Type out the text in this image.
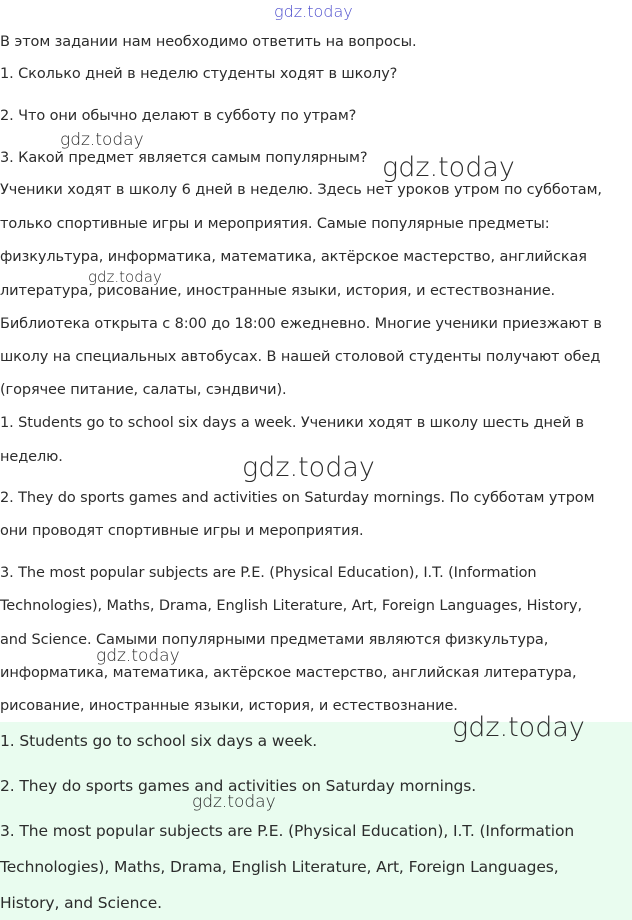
gdz.today
gdz.today
gdz.today
gdz.today
gdz.today
gdz.today
В этом задании нам необходимо ответить на вопросы.
1. Сколько дней в неделю студенты ходят в школу?
2. Что они обычно делают в субботу по утрам?
3. Какой предмет является самым популярным?
Ученики ходят в школу 6 дней в неделю. Здесь нет уроков утром по субботам,
только спортивные игры и мероприятия. Самые популярные предметы:
физкультура, информатика, математика, актёрское мастерство, английская
литература, рисование, иностранные языки, история, и естествознание.
Библиотека открыта с 8:00 до 18:00 ежедневно. Многие ученики приезжают в
школу на специальных автобусах. В нашей столовой студенты получают обед
(горячее питание, салаты, сэндвичи).
1. Students go to school six days a week. Ученики ходят в школу шесть дней в
неделю.
2. They do sports games and activities on Saturday mornings. По субботам утром
они проводят спортивные игры и мероприятия.
3. The most popular subjects are P.E. (Physical Education), I.T. (Information
Technologies), Maths, Drama, English Literature, Art, Foreign Languages, History,
and Science. Самыми популярными предметами являются физкультура,
информатика, математика, актёрское мастерство, английская литература,
рисование, иностранные языки, история, и естествознание.
1. Students go to school six days a week.
2. They do sports games and activities on Saturday mornings.
3. The most popular subjects are P.E. (Physical Education), I.T. (Information
Technologies), Maths, Drama, English Literature, Art, Foreign Languages,
History, and Science.
gdz.today
gdz.today
